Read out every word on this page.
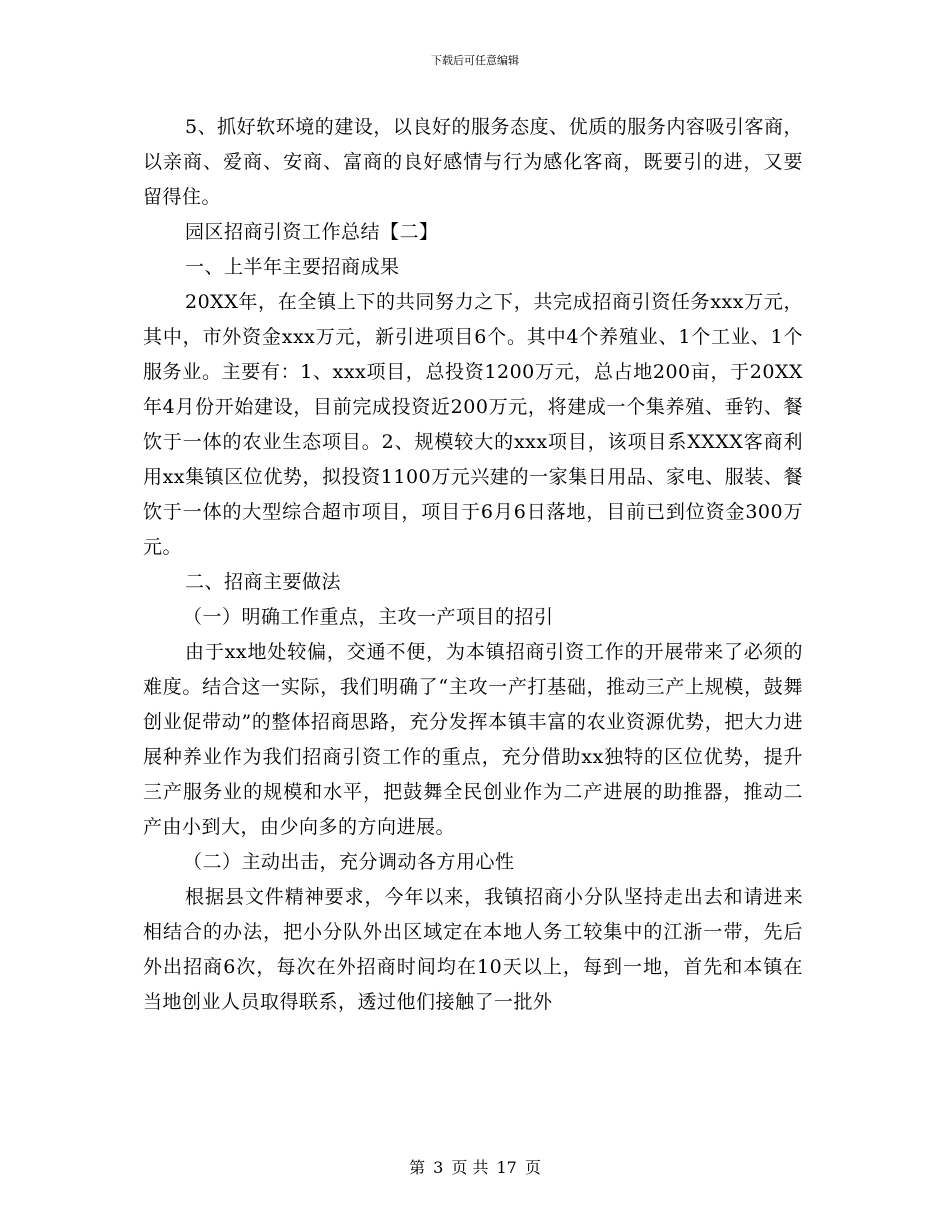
下载后可任意编辑

5、抓好软环境的建设，以良好的服务态度、优质的服务内容吸引客商，以亲商、爱商、安商、富商的良好感情与行为感化客商，既要引的进，又要留得住。

园区招商引资工作总结【二】

一、上半年主要招商成果

20XX年，在全镇上下的共同努力之下，共完成招商引资任务xxx万元，其中，市外资金xxx万元，新引进项目6个。其中4个养殖业、1个工业、1个服务业。主要有：1、xxx项目，总投资1200万元，总占地200亩，于20XX年4月份开始建设，目前完成投资近200万元，将建成一个集养殖、垂钓、餐饮于一体的农业生态项目。2、规模较大的xxx项目，该项目系XXXX客商利用xx集镇区位优势，拟投资1100万元兴建的一家集日用品、家电、服装、餐饮于一体的大型综合超市项目，项目于6月6日落地，目前已到位资金300万元。

二、招商主要做法

（一）明确工作重点，主攻一产项目的招引

由于xx地处较偏，交通不便，为本镇招商引资工作的开展带来了必须的难度。结合这一实际，我们明确了“主攻一产打基础，推动三产上规模，鼓舞创业促带动”的整体招商思路，充分发挥本镇丰富的农业资源优势，把大力进展种养业作为我们招商引资工作的重点，充分借助xx独特的区位优势，提升三产服务业的规模和水平，把鼓舞全民创业作为二产进展的助推器，推动二产由小到大，由少向多的方向进展。

（二）主动出击，充分调动各方用心性

根据县文件精神要求，今年以来，我镇招商小分队坚持走出去和请进来相结合的办法，把小分队外出区域定在本地人务工较集中的江浙一带，先后外出招商6次，每次在外招商时间均在10天以上，每到一地，首先和本镇在当地创业人员取得联系，透过他们接触了一批外

第 3 页 共 17 页
